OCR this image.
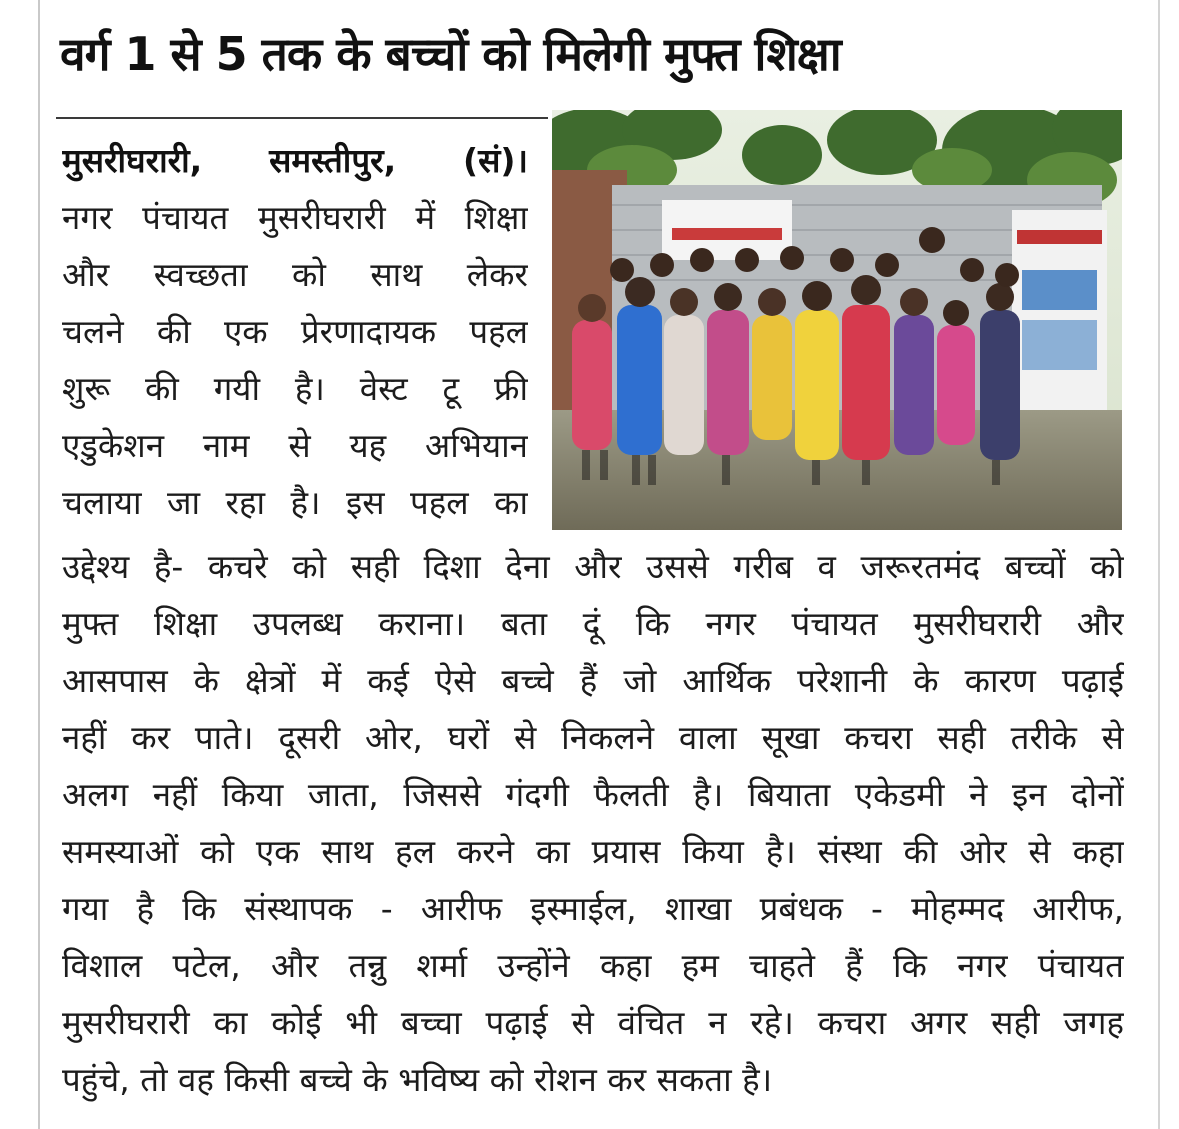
वर्ग 1 से 5 तक के बच्चों को मिलेगी मुफ्त शिक्षा
मुसरीघरारी, समस्तीपुर, (सं)।
नगर पंचायत मुसरीघरारी में शिक्षा
और स्वच्छता को साथ लेकर
चलने की एक प्रेरणादायक पहल
शुरू की गयी है। वेस्ट टू फ्री
एडुकेशन नाम से यह अभियान
चलाया जा रहा है। इस पहल का
उद्देश्य है- कचरे को सही दिशा देना और उससे गरीब व जरूरतमंद बच्चों को
मुफ्त शिक्षा उपलब्ध कराना। बता दूं कि नगर पंचायत मुसरीघरारी और
आसपास के क्षेत्रों में कई ऐसे बच्चे हैं जो आर्थिक परेशानी के कारण पढ़ाई
नहीं कर पाते। दूसरी ओर, घरों से निकलने वाला सूखा कचरा सही तरीके से
अलग नहीं किया जाता, जिससे गंदगी फैलती है। बियाता एकेडमी ने इन दोनों
समस्याओं को एक साथ हल करने का प्रयास किया है। संस्था की ओर से कहा
गया है कि संस्थापक - आरीफ इस्माईल, शाखा प्रबंधक - मोहम्मद आरीफ,
विशाल पटेल, और तन्नु शर्मा उन्होंने कहा हम चाहते हैं कि नगर पंचायत
मुसरीघरारी का कोई भी बच्चा पढ़ाई से वंचित न रहे। कचरा अगर सही जगह
पहुंचे, तो वह किसी बच्चे के भविष्य को रोशन कर सकता है।
